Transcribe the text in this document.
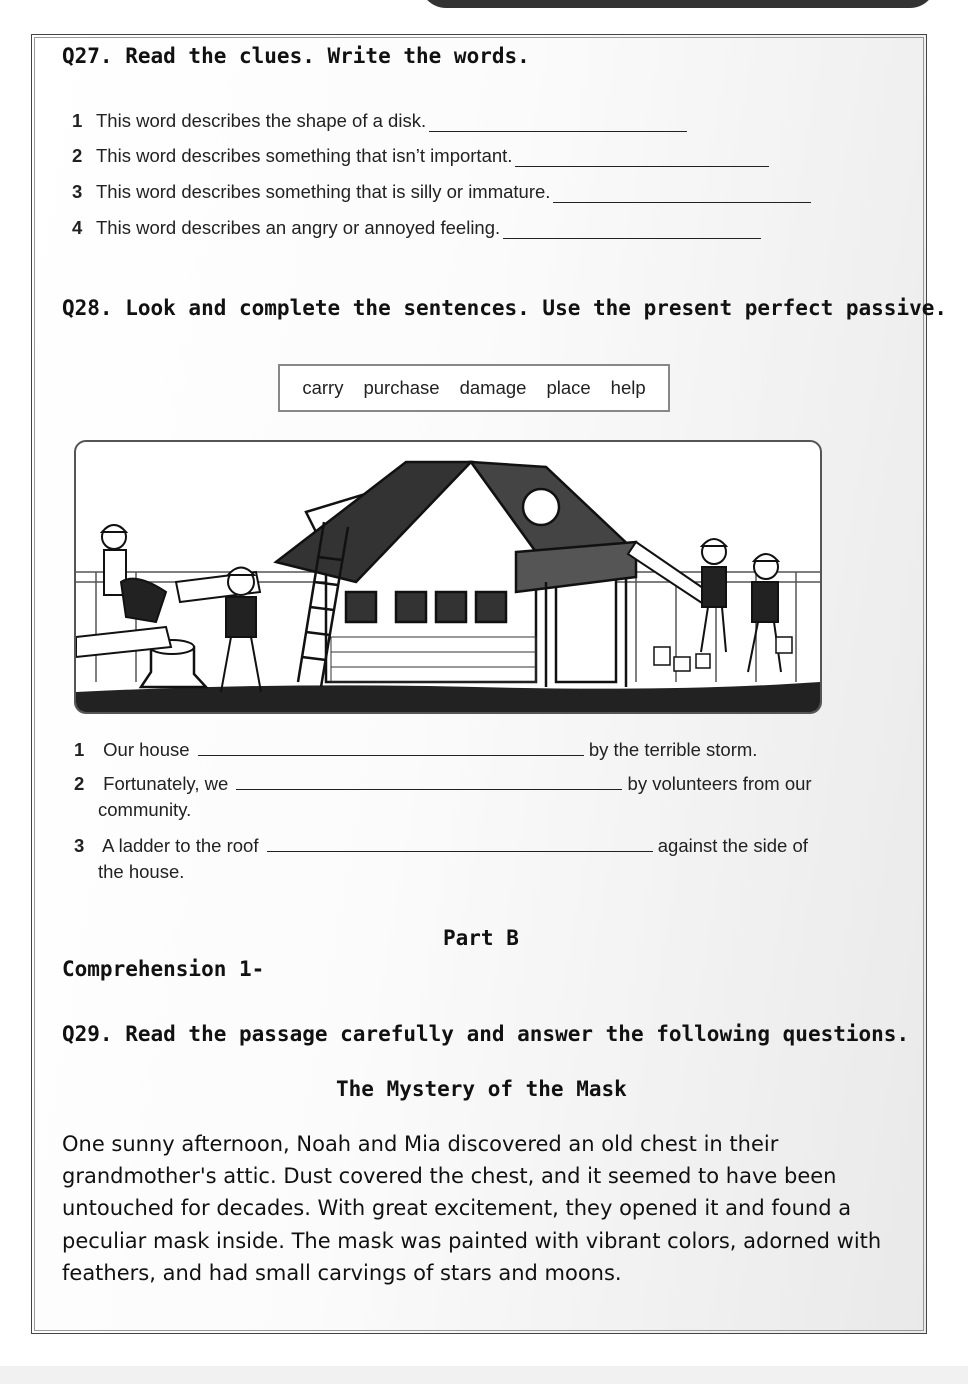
Q27. Read the clues. Write the words.
1 This word describes the shape of a disk.
2 This word describes something that isn’t important.
3 This word describes something that is silly or immature.
4 This word describes an angry or annoyed feeling.
Q28. Look and complete the sentences. Use the present perfect passive.
carry purchase damage place help
1 Our house	by the terrible storm.
2 Fortunately, we	by volunteers from our
community.
3 A ladder to the roof	against the side of
the house.
Part B
Comprehension 1-
Q29. Read the passage carefully and answer the following questions.
The Mystery of the Mask

One sunny afternoon, Noah and Mia discovered an old chest in their

grandmother's attic. Dust covered the chest, and it seemed to have been

untouched for decades. With great excitement, they opened it and found a

peculiar mask inside. The mask was painted with vibrant colors, adorned with

feathers, and had small carvings of stars and moons.
